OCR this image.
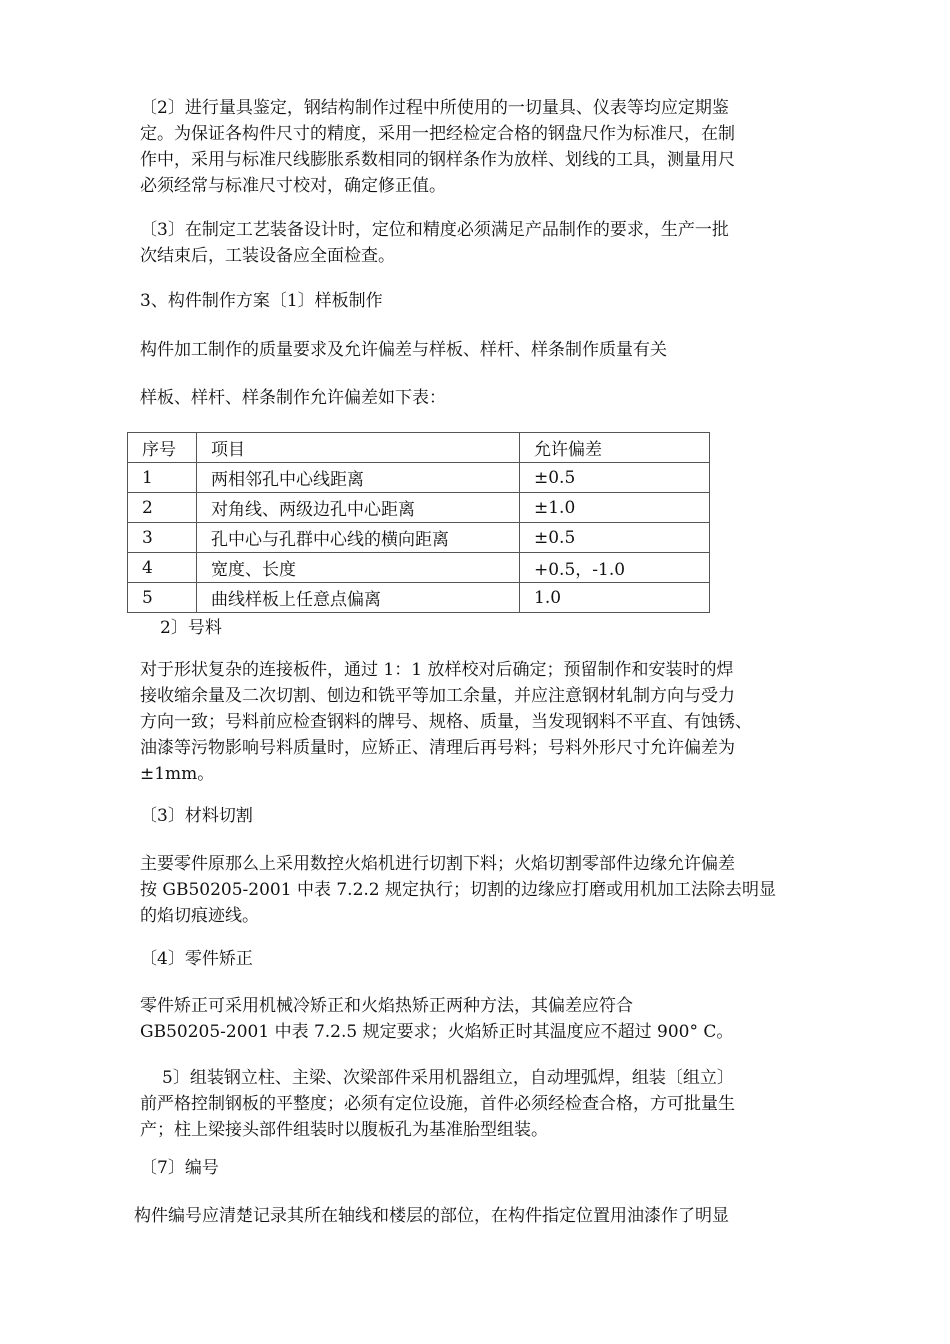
〔2〕进行量具鉴定，钢结构制作过程中所使用的一切量具、仪表等均应定期鉴
定。为保证各构件尺寸的精度，采用一把经检定合格的钢盘尺作为标准尺，在制
作中，采用与标准尺线膨胀系数相同的钢样条作为放样、划线的工具，测量用尺
必须经常与标准尺寸校对，确定修正值。
〔3〕在制定工艺装备设计时，定位和精度必须满足产品制作的要求，生产一批
次结束后，工装设备应全面检查。
3、构件制作方案〔1〕样板制作
构件加工制作的质量要求及允许偏差与样板、样杆、样条制作质量有关
样板、样杆、样条制作允许偏差如下表：
序号	项目	允许偏差
1	两相邻孔中心线距离	±0.5
2	对角线、两级边孔中心距离	±1.0
3	孔中心与孔群中心线的横向距离	±0.5
4	宽度、长度	+0.5，-1.0
5	曲线样板上任意点偏离	1.0
2〕号料
对于形状复杂的连接板件，通过 1：1 放样校对后确定；预留制作和安装时的焊
接收缩余量及二次切割、刨边和铣平等加工余量，并应注意钢材轧制方向与受力
方向一致；号料前应检查钢料的牌号、规格、质量，当发现钢料不平直、有蚀锈、
油漆等污物影响号料质量时，应矫正、清理后再号料；号料外形尺寸允许偏差为
±1mm。
〔3〕材料切割
主要零件原那么上采用数控火焰机进行切割下料；火焰切割零部件边缘允许偏差
按 GB50205-2001 中表 7.2.2 规定执行；切割的边缘应打磨或用机加工法除去明显
的焰切痕迹线。
〔4〕零件矫正
零件矫正可采用机械冷矫正和火焰热矫正两种方法，其偏差应符合
GB50205-2001 中表 7.2.5 规定要求；火焰矫正时其温度应不超过 900° C。
5〕组装钢立柱、主梁、次梁部件采用机器组立，自动埋弧焊，组装〔组立〕
前严格控制钢板的平整度；必须有定位设施，首件必须经检查合格，方可批量生
产；柱上梁接头部件组装时以腹板孔为基准胎型组装。
〔7〕编号
构件编号应清楚记录其所在轴线和楼层的部位，在构件指定位置用油漆作了明显
